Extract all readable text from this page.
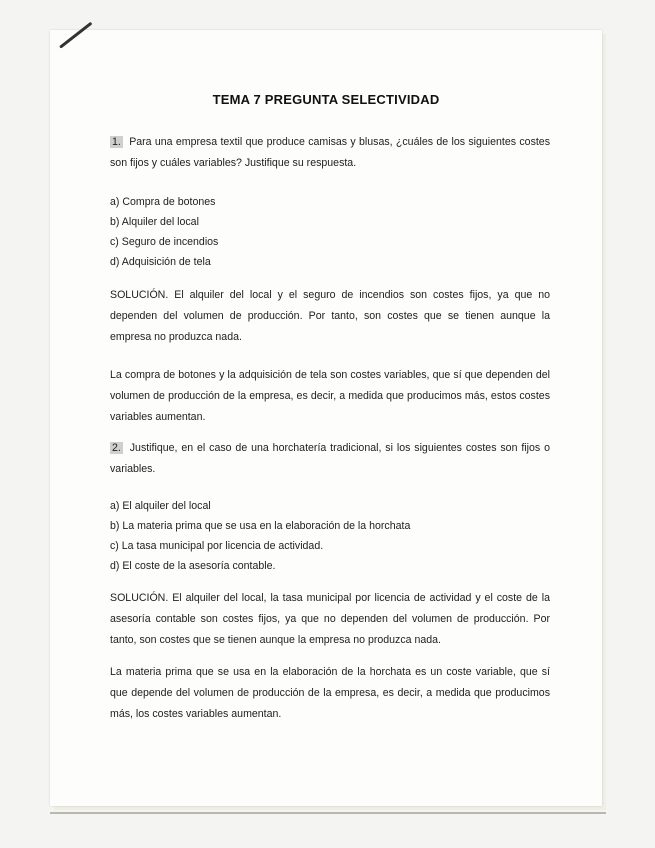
TEMA 7 PREGUNTA SELECTIVIDAD
1. Para una empresa textil que produce camisas y blusas, ¿cuáles de los siguientes costes son fijos y cuáles variables? Justifique su respuesta.
a) Compra de botones
b) Alquiler del local
c) Seguro de incendios
d) Adquisición de tela
SOLUCIÓN. El alquiler del local y el seguro de incendios son costes fijos, ya que no dependen del volumen de producción. Por tanto, son costes que se tienen aunque la empresa no produzca nada.
La compra de botones y la adquisición de tela son costes variables, que sí que dependen del volumen de producción de la empresa, es decir, a medida que producimos más, estos costes variables aumentan.
2. Justifique, en el caso de una horchatería tradicional, si los siguientes costes son fijos o variables.
a) El alquiler del local
b) La materia prima que se usa en la elaboración de la horchata
c) La tasa municipal por licencia de actividad.
d) El coste de la asesoría contable.
SOLUCIÓN. El alquiler del local, la tasa municipal por licencia de actividad y el coste de la asesoría contable son costes fijos, ya que no dependen del volumen de producción. Por tanto, son costes que se tienen aunque la empresa no produzca nada.
La materia prima que se usa en la elaboración de la horchata es un coste variable, que sí que depende del volumen de producción de la empresa, es decir, a medida que producimos más, los costes variables aumentan.
